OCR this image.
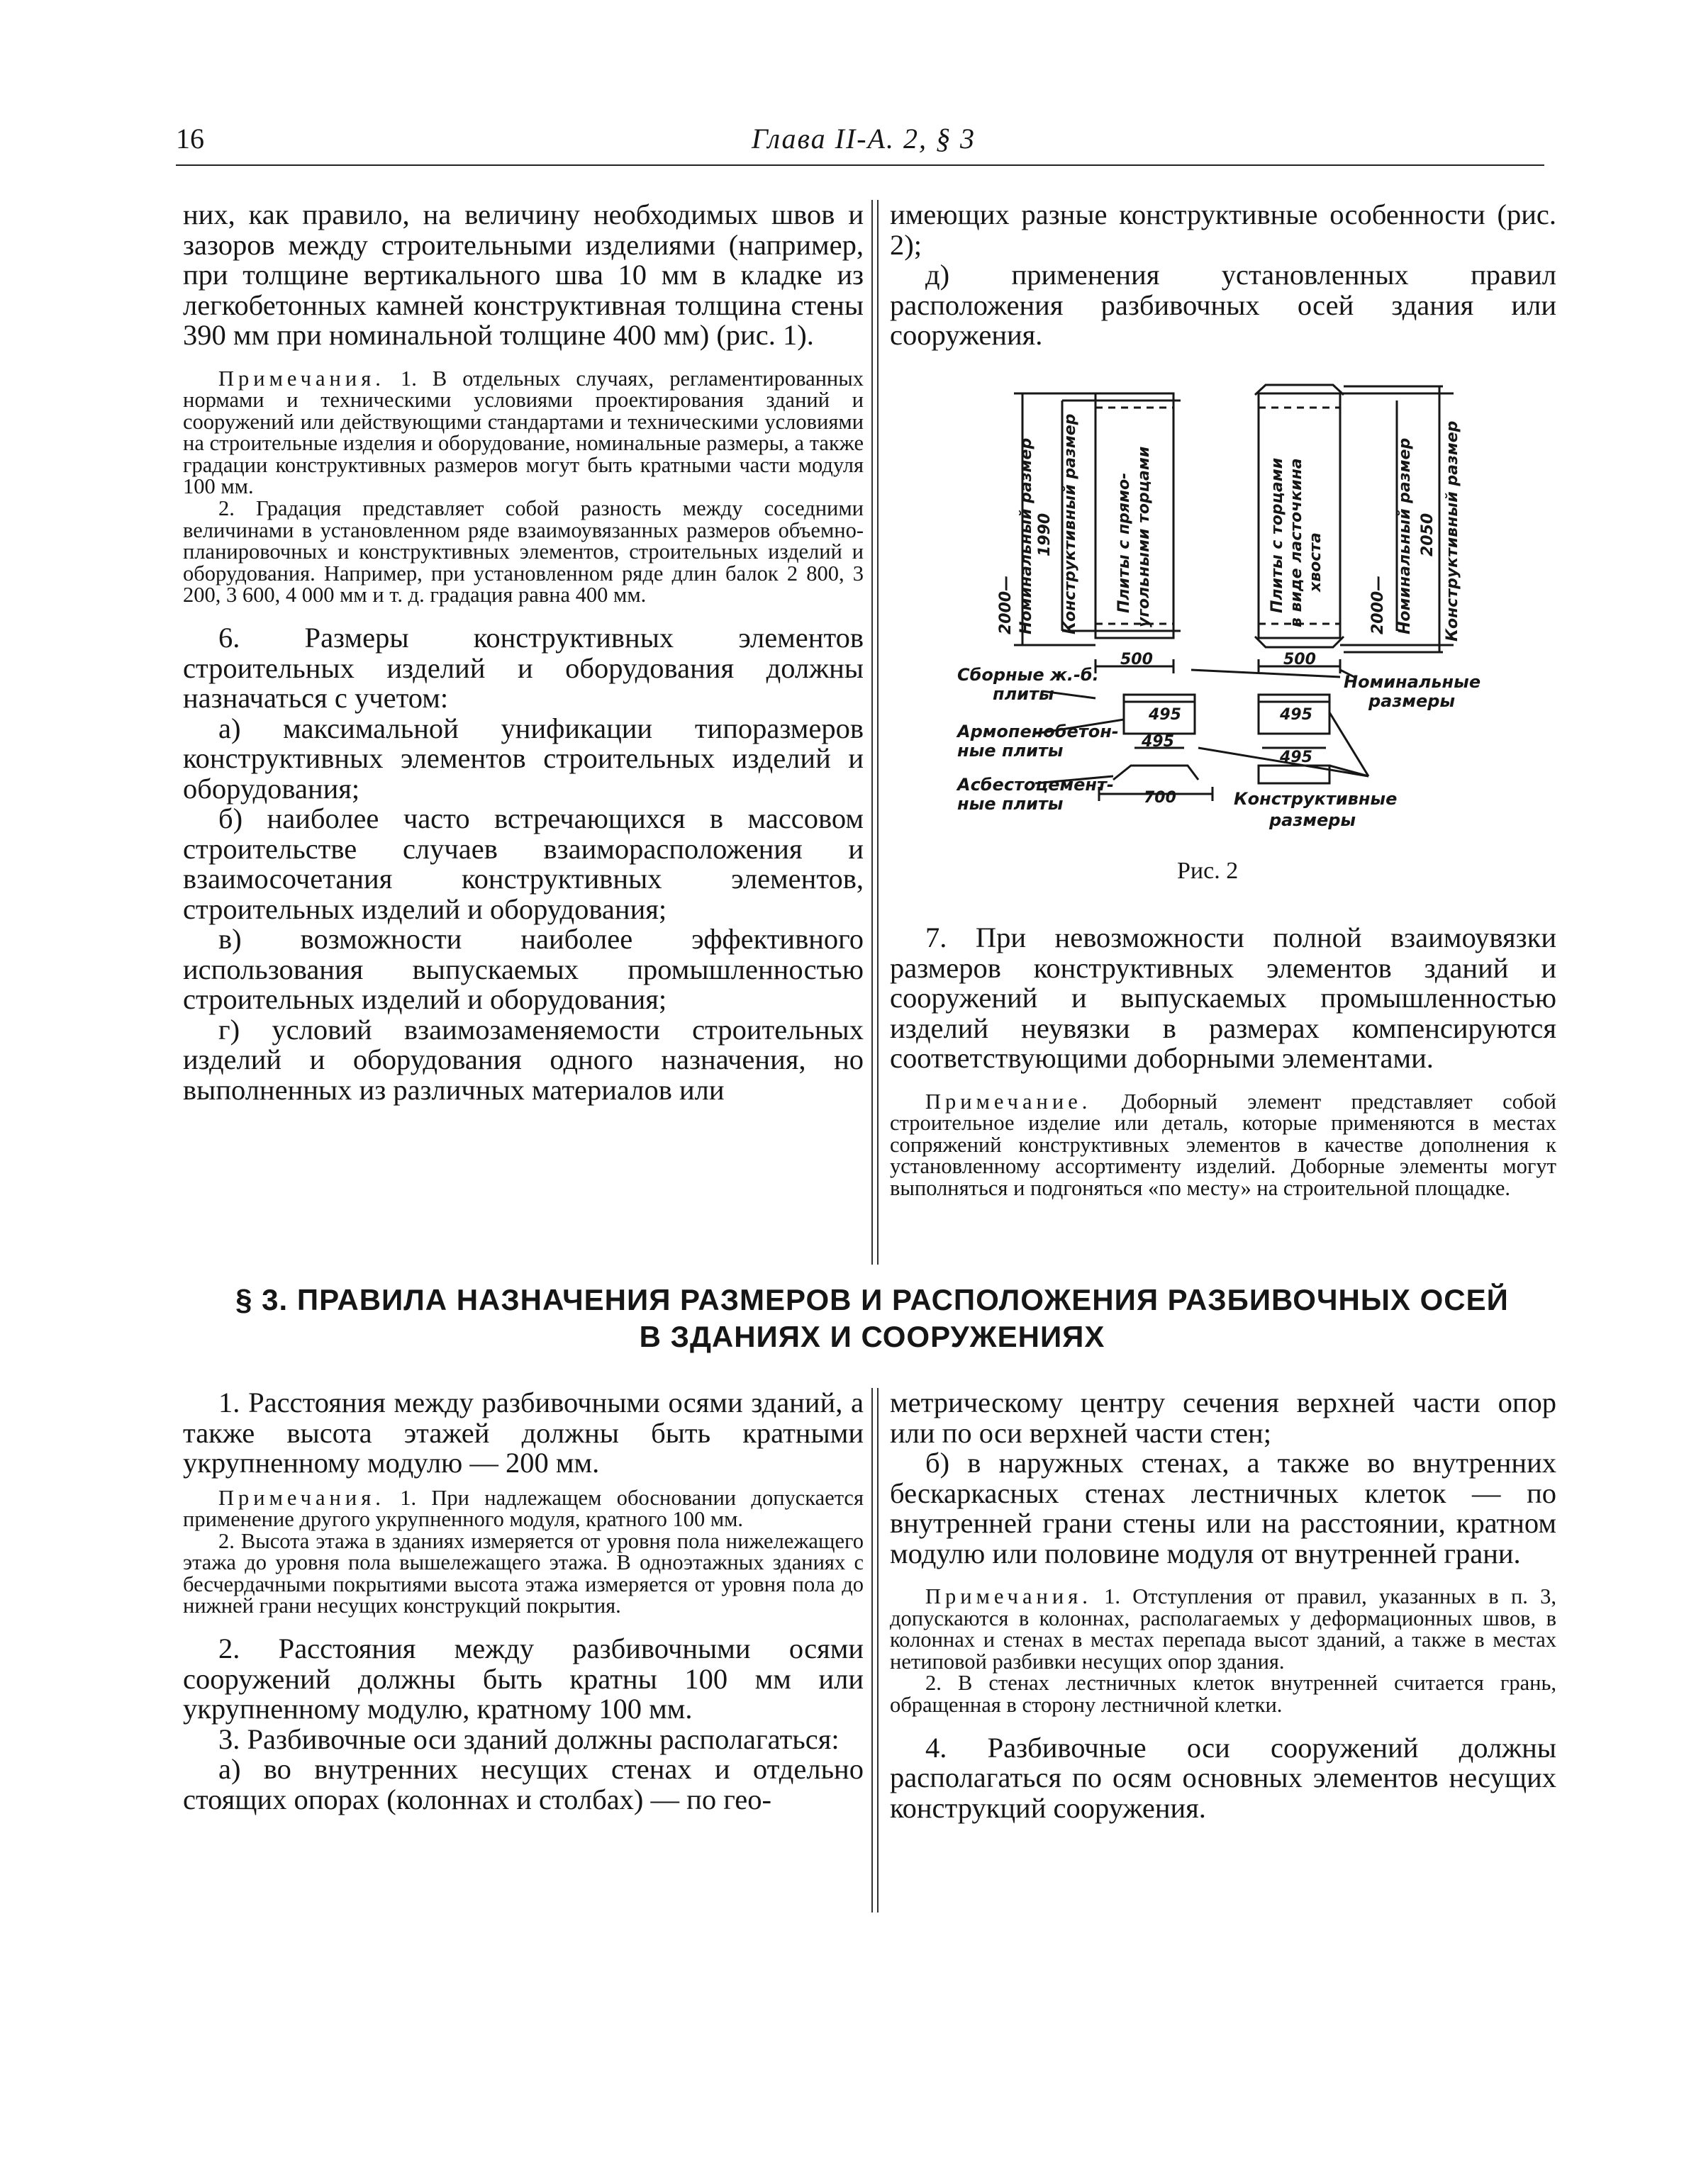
16	Глава II-А. 2, § 3

них, как правило, на величину необходимых швов и зазоров между строительными изделиями (например, при толщине вертикального шва 10 мм в кладке из легкобетонных камней конструктивная толщина стены 390 мм при номинальной толщине 400 мм) (рис. 1).

Примечания. 1. В отдельных случаях, регламентированных нормами и техническими условиями проектирования зданий и сооружений или действующими стандартами и техническими условиями на строительные изделия и оборудование, номинальные размеры, а также градации конструктивных размеров могут быть кратными части модуля 100 мм.

2. Градация представляет собой разность между соседними величинами в установленном ряде взаимоувязанных размеров объемно-планировочных и конструктивных элементов, строительных изделий и оборудования. Например, при установленном ряде длин балок 2 800, 3 200, 3 600, 4 000 мм и т. д. градация равна 400 мм.

6. Размеры конструктивных элементов строительных изделий и оборудования должны назначаться с учетом:

а) максимальной унификации типоразмеров конструктивных элементов строительных изделий и оборудования;

б) наиболее часто встречающихся в массовом строительстве случаев взаиморасположения и взаимосочетания конструктивных элементов, строительных изделий и оборудования;

в) возможности наиболее эффективного использования выпускаемых промышленностью строительных изделий и оборудования;

г) условий взаимозаменяемости строительных изделий и оборудования одного назначения, но выполненных из различных материалов или

имеющих разные конструктивные особенности (рис. 2);

д) применения установленных правил расположения разбивочных осей здания или сооружения.

2000— Номинальный размер 1990 Конструктивный размер Плиты с прямо- угольными торцами	Плиты с торцами в виде ласточкина хвоста
2000— Номинальный размер 2050 Конструктивный размер
500	500
495
495
495
495
700
Сборные ж.-б.
плиты
Армопенобетон-
ные плиты
Асбестоцемент-
ные плиты
Номинальные
размеры
Конструктивные
размеры
Рис. 2

7. При невозможности полной взаимоувязки размеров конструктивных элементов зданий и сооружений и выпускаемых промышленностью изделий неувязки в размерах компенсируются соответствующими доборными элементами.

Примечание. Доборный элемент представляет собой строительное изделие или деталь, которые применяются в местах сопряжений конструктивных элементов в качестве дополнения к установленному ассортименту изделий. Доборные элементы могут выполняться и подгоняться «по месту» на строительной площадке.

§ 3. ПРАВИЛА НАЗНАЧЕНИЯ РАЗМЕРОВ И РАСПОЛОЖЕНИЯ РАЗБИВОЧНЫХ ОСЕЙ
В ЗДАНИЯХ И СООРУЖЕНИЯХ

1. Расстояния между разбивочными осями зданий, а также высота этажей должны быть кратными укрупненному модулю — 200 мм.

Примечания. 1. При надлежащем обосновании допускается применение другого укрупненного модуля, кратного 100 мм.

2. Высота этажа в зданиях измеряется от уровня пола нижележащего этажа до уровня пола вышележащего этажа. В одноэтажных зданиях с бесчердачными покрытиями высота этажа измеряется от уровня пола до нижней грани несущих конструкций покрытия.

2. Расстояния между разбивочными осями сооружений должны быть кратны 100 мм или укрупненному модулю, кратному 100 мм.

3. Разбивочные оси зданий должны располагаться:

а) во внутренних несущих стенах и отдельно стоящих опорах (колоннах и столбах) — по гео-

метрическому центру сечения верхней части опор или по оси верхней части стен;

б) в наружных стенах, а также во внутренних бескаркасных стенах лестничных клеток — по внутренней грани стены или на расстоянии, кратном модулю или половине модуля от внутренней грани.

Примечания. 1. Отступления от правил, указанных в п. 3, допускаются в колоннах, располагаемых у деформационных швов, в колоннах и стенах в местах перепада высот зданий, а также в местах нетиповой разбивки несущих опор здания.

2. В стенах лестничных клеток внутренней считается грань, обращенная в сторону лестничной клетки.

4. Разбивочные оси сооружений должны располагаться по осям основных элементов несущих конструкций сооружения.
